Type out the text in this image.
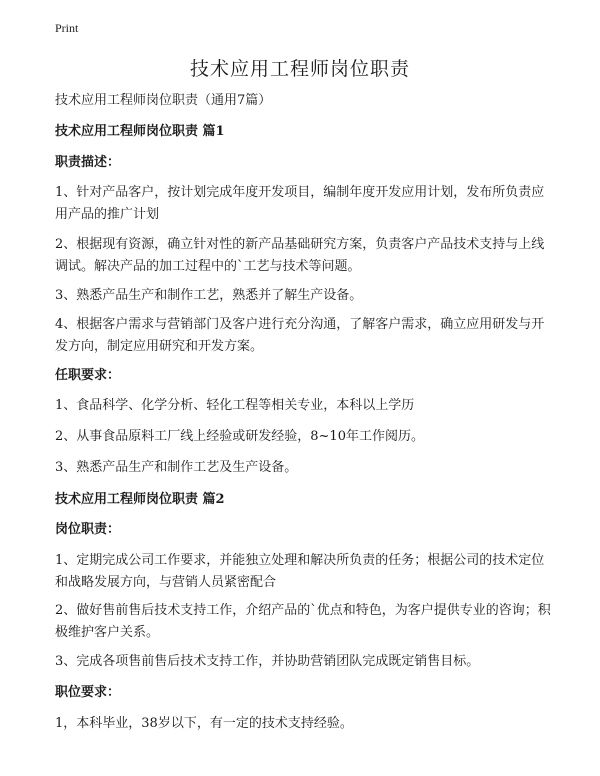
Print
技术应用工程师岗位职责

技术应用工程师岗位职责（通用7篇）

技术应用工程师岗位职责 篇1

职责描述：

1、针对产品客户，按计划完成年度开发项目，编制年度开发应用计划，发布所负责应用产品的推广计划

2、根据现有资源，确立针对性的新产品基础研究方案，负责客户产品技术支持与上线调试。解决产品的加工过程中的`工艺与技术等问题。

3、熟悉产品生产和制作工艺，熟悉并了解生产设备。

4、根据客户需求与营销部门及客户进行充分沟通，了解客户需求，确立应用研发与开发方向，制定应用研究和开发方案。

任职要求：

1、食品科学、化学分析、轻化工程等相关专业，本科以上学历

2、从事食品原料工厂线上经验或研发经验，8~10年工作阅历。

3、熟悉产品生产和制作工艺及生产设备。

技术应用工程师岗位职责 篇2

岗位职责：

1、定期完成公司工作要求，并能独立处理和解决所负责的任务；根据公司的技术定位和战略发展方向，与营销人员紧密配合

2、做好售前售后技术支持工作，介绍产品的`优点和特色，为客户提供专业的咨询；积极维护客户关系。

3、完成各项售前售后技术支持工作，并协助营销团队完成既定销售目标。

职位要求：

1，本科毕业，38岁以下，有一定的技术支持经验。
